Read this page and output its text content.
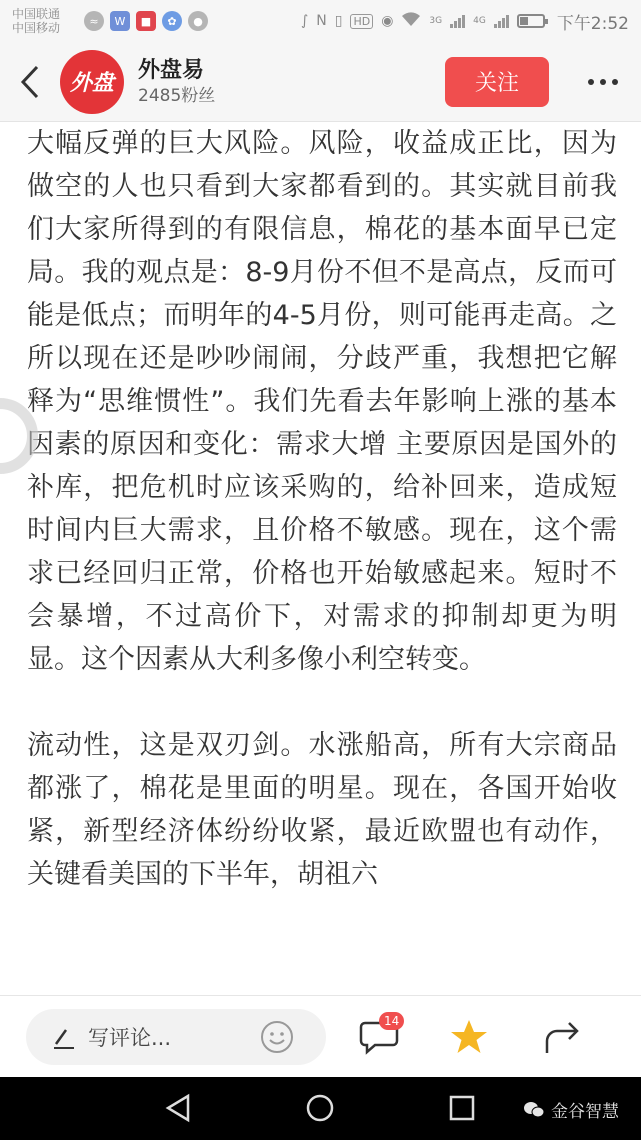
中国联通
中国移动	≈	W	■	✿	●	∫ N ▯ HD ◉	3G	4G	下午2:52
外盘	外盘易
2485粉丝
关注

大幅反弹的巨大风险。风险，收益成正比，因为做空的人也只看到大家都看到的。其实就目前我们大家所得到的有限信息，棉花的基本面早已定局。我的观点是：8-9月份不但不是高点，反而可能是低点；而明年的4-5月份，则可能再走高。之所以现在还是吵吵闹闹，分歧严重，我想把它解释为“思维惯性”。我们先看去年影响上涨的基本因素的原因和变化：需求大增 主要原因是国外的补库，把危机时应该采购的，给补回来，造成短时间内巨大需求，且价格不敏感。现在，这个需求已经回归正常，价格也开始敏感起来。短时不会暴增，不过高价下，对需求的抑制却更为明显。这个因素从大利多像小利空转变。

流动性，这是双刃剑。水涨船高，所有大宗商品都涨了，棉花是里面的明星。现在，各国开始收紧，新型经济体纷纷收紧，最近欧盟也有动作，关键看美国的下半年，胡祖六

写评论...
14
金谷智慧
